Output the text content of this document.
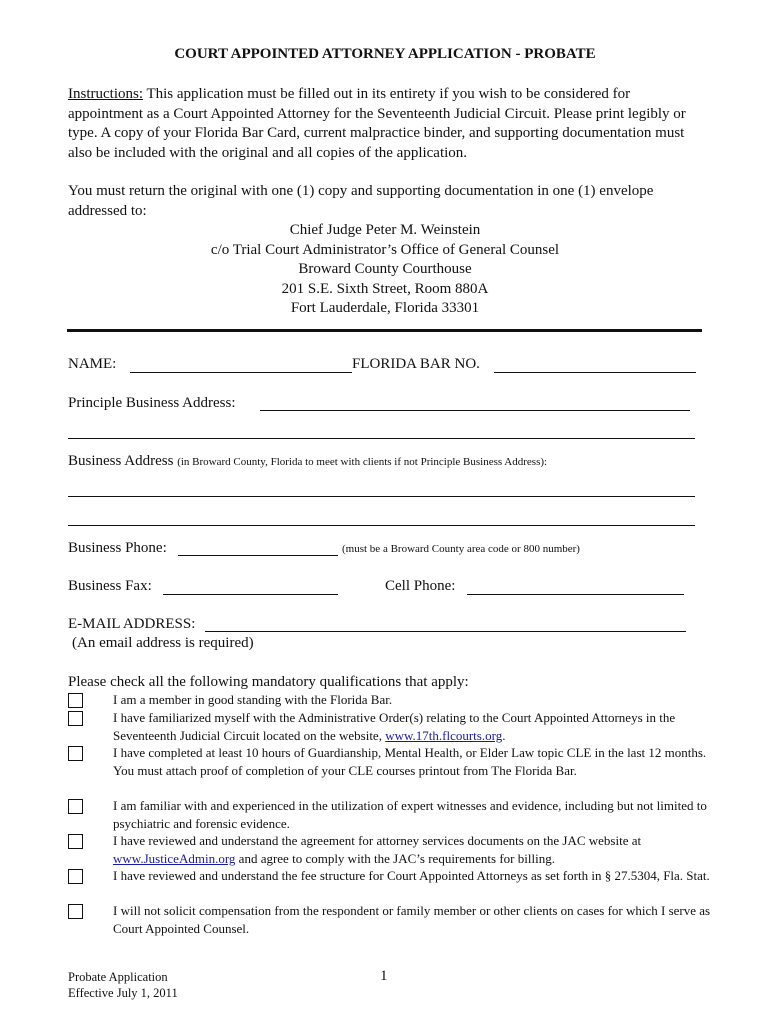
COURT APPOINTED ATTORNEY APPLICATION - PROBATE
Instructions: This application must be filled out in its entirety if you wish to be considered for appointment as a Court Appointed Attorney for the Seventeenth Judicial Circuit. Please print legibly or type. A copy of your Florida Bar Card, current malpractice binder, and supporting documentation must also be included with the original and all copies of the application.
You must return the original with one (1) copy and supporting documentation in one (1) envelope addressed to:
Chief Judge Peter M. Weinstein
c/o Trial Court Administrator’s Office of General Counsel
Broward County Courthouse
201 S.E. Sixth Street, Room 880A
Fort Lauderdale, Florida 33301
NAME:	FLORIDA BAR NO.
Principle Business Address:
Business Address (in Broward County, Florida to meet with clients if not Principle Business Address):
Business Phone:	(must be a Broward County area code or 800 number)
Business Fax:	Cell Phone:
E-MAIL ADDRESS:
(An email address is required)
Please check all the following mandatory qualifications that apply:
I am a member in good standing with the Florida Bar.
I have familiarized myself with the Administrative Order(s) relating to the Court Appointed Attorneys in the Seventeenth Judicial Circuit located on the website, www.17th.flcourts.org.
I have completed at least 10 hours of Guardianship, Mental Health, or Elder Law topic CLE in the last 12 months. You must attach proof of completion of your CLE courses printout from The Florida Bar.
I am familiar with and experienced in the utilization of expert witnesses and evidence, including but not limited to psychiatric and forensic evidence.
I have reviewed and understand the agreement for attorney services documents on the JAC website at www.JusticeAdmin.org and agree to comply with the JAC’s requirements for billing.
I have reviewed and understand the fee structure for Court Appointed Attorneys as set forth in § 27.5304, Fla. Stat.
I will not solicit compensation from the respondent or family member or other clients on cases for which I serve as Court Appointed Counsel.
Probate Application
Effective July 1, 2011
1
